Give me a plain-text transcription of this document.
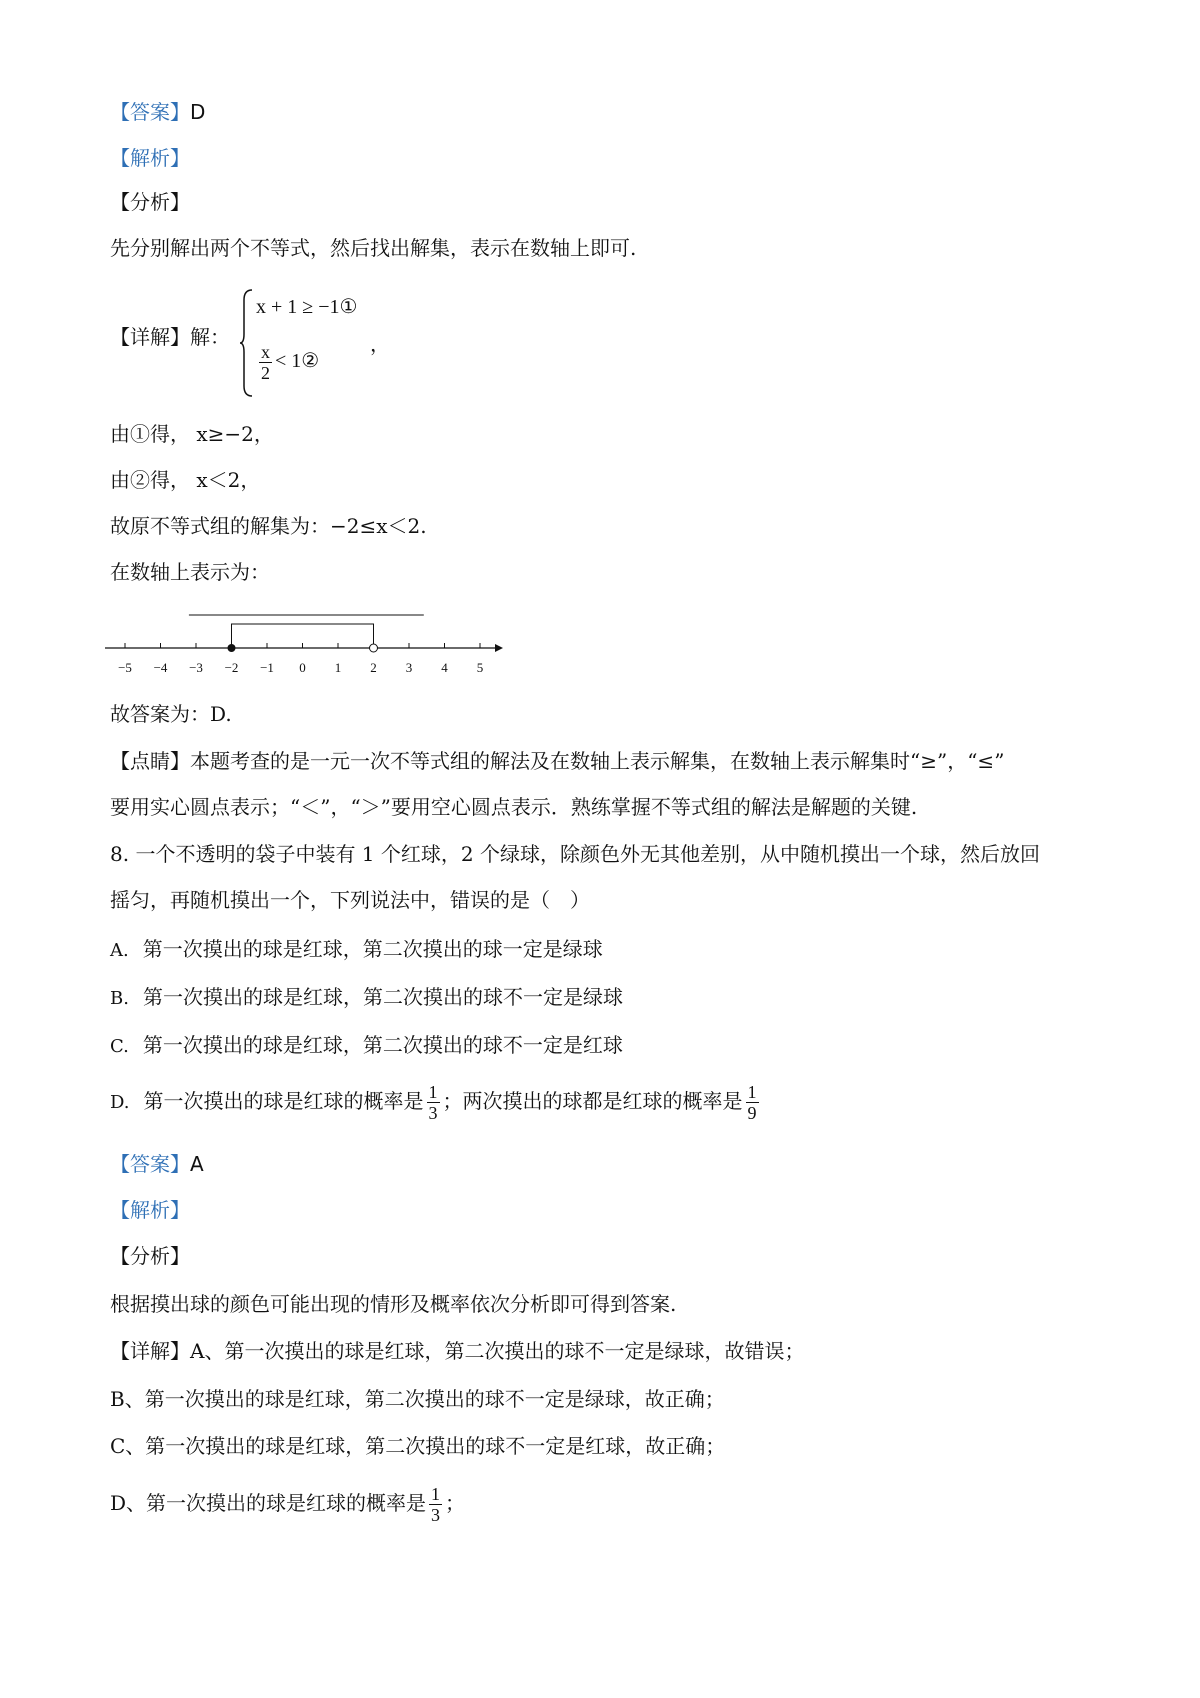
【答案】D
【解析】
【分析】
先分别解出两个不等式，然后找出解集，表示在数轴上即可.
【详解】解：
x + 1 ≥ −1①
$\frac{x}{2}$ < 1②
，
由①得， x≥−2，
由②得， x＜2，
故原不等式组的解集为：−2≤x＜2.
在数轴上表示为：
−5 −4 −3 −2 −1 0 1 2 3 4 5
故答案为：D.
【点睛】本题考查的是一元一次不等式组的解法及在数轴上表示解集，在数轴上表示解集时“≥”，“≤”
要用实心圆点表示；“＜”，“＞”要用空心圆点表示．熟练掌握不等式组的解法是解题的关键.
8. 一个不透明的袋子中装有 1 个红球，2 个绿球，除颜色外无其他差别，从中随机摸出一个球，然后放回
摇匀，再随机摸出一个，下列说法中，错误的是（　）
A. 第一次摸出的球是红球，第二次摸出的球一定是绿球
B. 第一次摸出的球是红球，第二次摸出的球不一定是绿球
C. 第一次摸出的球是红球，第二次摸出的球不一定是红球
D. 第一次摸出的球是红球的概率是 $\frac{1}{3}$ ；两次摸出的球都是红球的概率是 $\frac{1}{9}$
【答案】A
【解析】
【分析】
根据摸出球的颜色可能出现的情形及概率依次分析即可得到答案.
【详解】A、第一次摸出的球是红球，第二次摸出的球不一定是绿球，故错误；
B、第一次摸出的球是红球，第二次摸出的球不一定是绿球，故正确；
C、第一次摸出的球是红球，第二次摸出的球不一定是红球，故正确；
D、第一次摸出的球是红球的概率是 $\frac{1}{3}$ ；
